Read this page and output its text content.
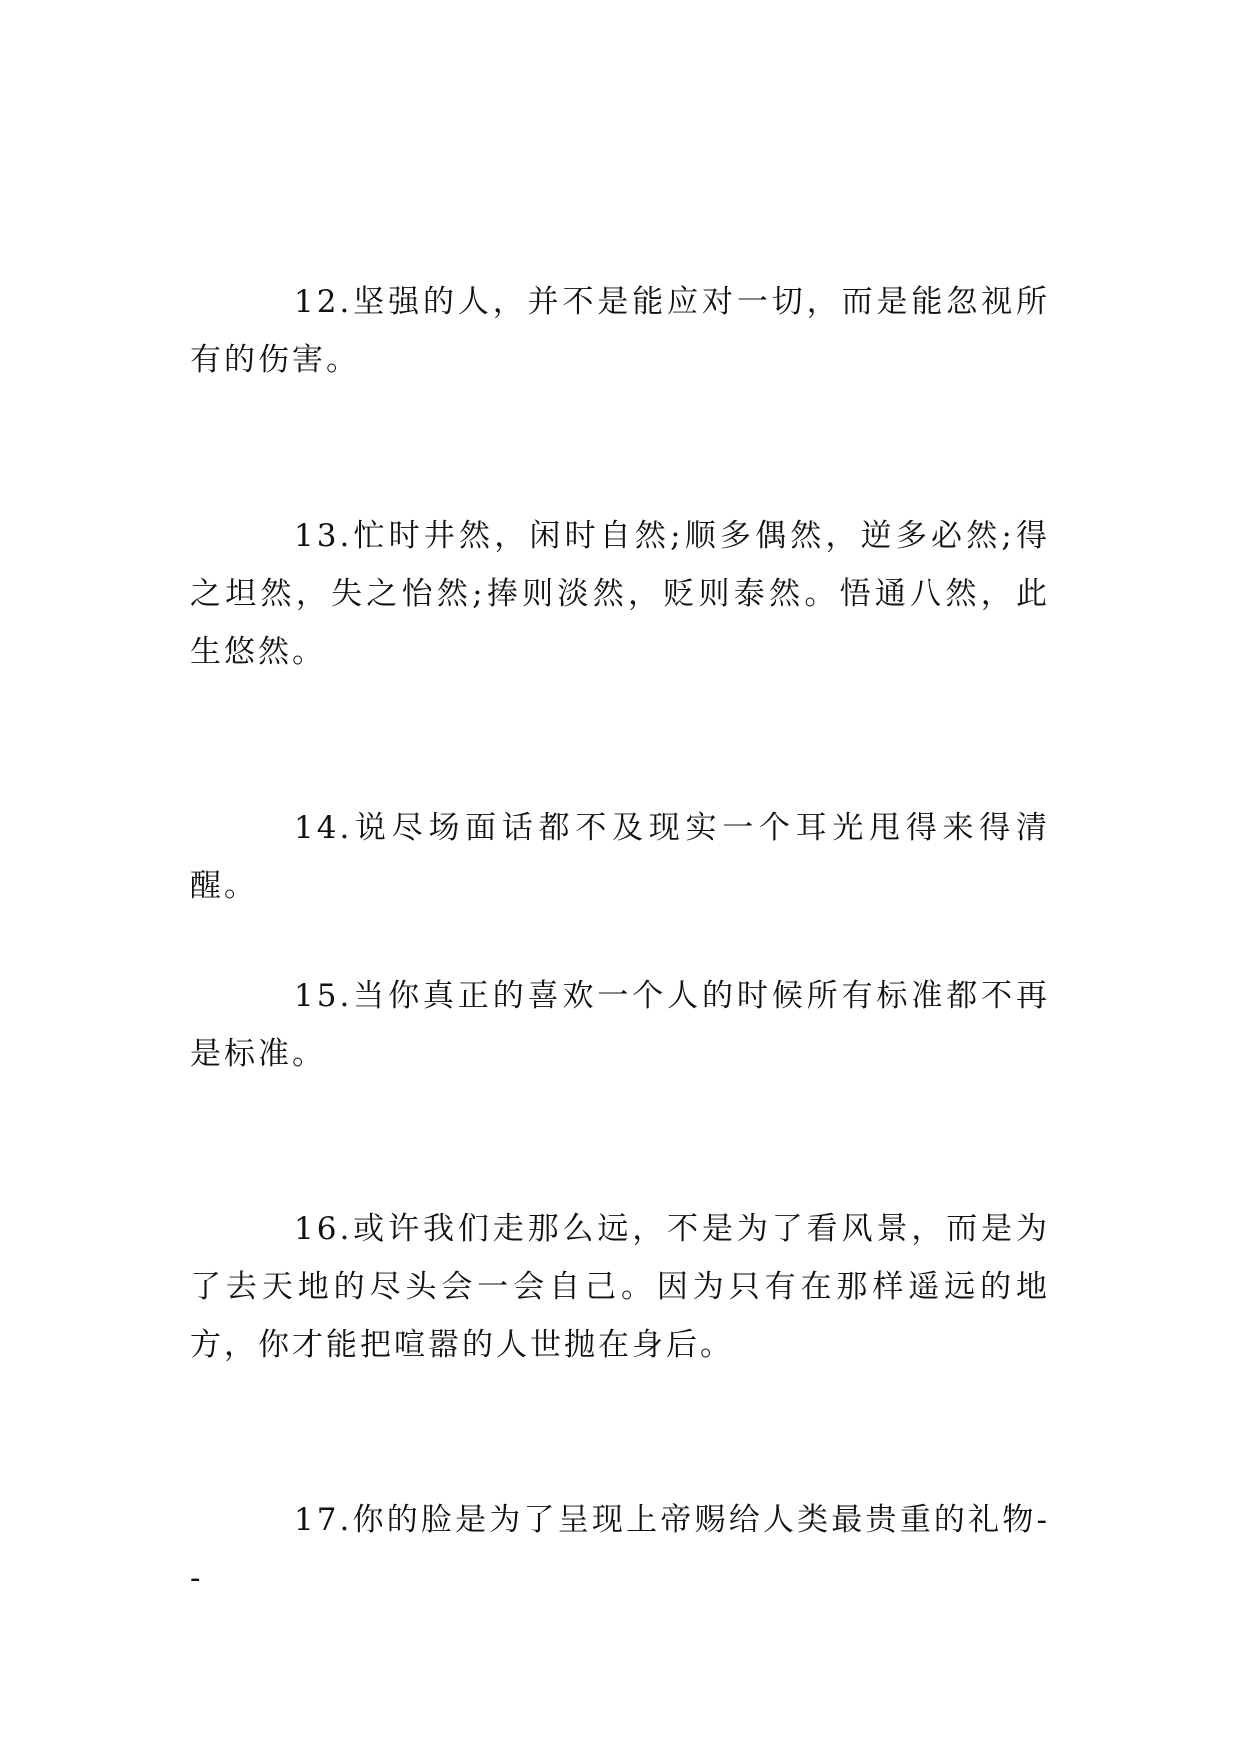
12.坚强的人，并不是能应对一切，而是能忽视所有的伤害。

13.忙时井然，闲时自然;顺多偶然，逆多必然;得之坦然，失之怡然;捧则淡然，贬则泰然。悟通八然，此生悠然。

14.说尽场面话都不及现实一个耳光甩得来得清醒。

15.当你真正的喜欢一个人的时候所有标准都不再是标准。

16.或许我们走那么远，不是为了看风景，而是为了去天地的尽头会一会自己。因为只有在那样遥远的地方，你才能把喧嚣的人世抛在身后。

17.你的脸是为了呈现上帝赐给人类最贵重的礼物--
